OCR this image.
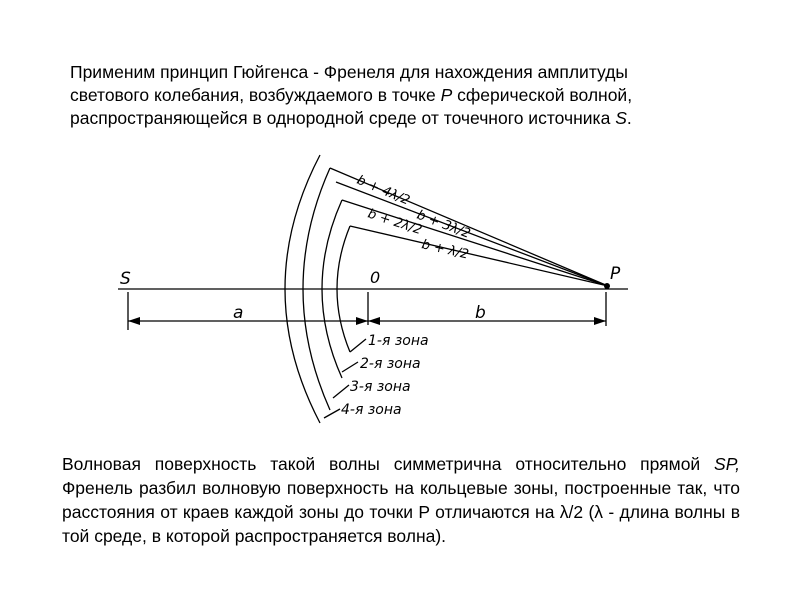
Применим принцип Гюйгенса - Френеля для нахождения амплитуды
светового колебания, возбуждаемого в точке P сферической волной,
распространяющейся в однородной среде от точечного источника S.

S	0	P
a	b
b + 4λ/2
b + 3λ/2
b + 2λ/2
b + λ/2
1-я зона
2-я зона
3-я зона
4-я зона

Волновая поверхность такой волны симметрична относительно прямой SP, Френель разбил волновую поверхность на кольцевые зоны, построенные так, что расстояния от краев каждой зоны до точки P отличаются на λ/2 (λ - длина волны в той среде, в которой распространяется волна).
